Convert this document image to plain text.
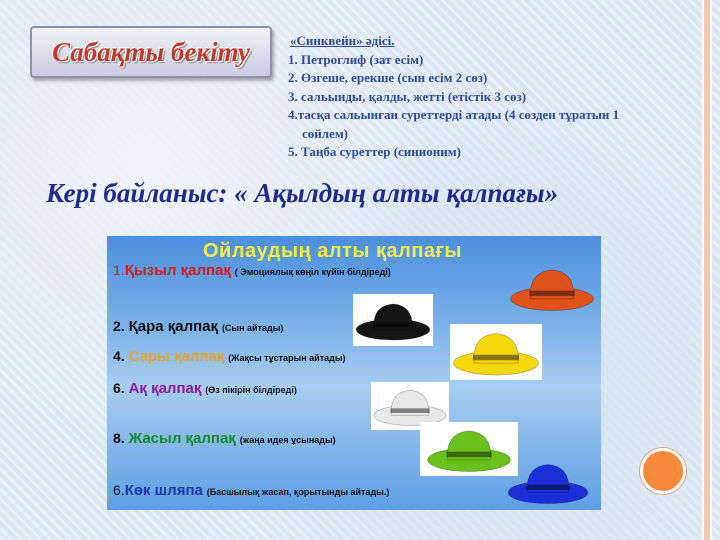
Сабақты бекіту	«Синквейн» әдісі.
1. Петроглиф (зат есім)
2. Өзгеше, ерекше (сын есім 2 сөз)
3. сальынды, қалды, жетті (етістік 3 сөз)
4.тасқа сальынған суреттерді атады (4 сөзден тұратын 1
сөйлем)
5. Таңба суреттер (синионим)
Кері байланыс: « Ақылдың алты қалпағы»
Ойлаудың алты қалпағы
1.Қызыл қалпақ ( Эмоциялық көңіл күйін білдіреді)
2. Қара қалпақ (Сын айтады)
4. Сары қалпақ (Жақсы тұстарын айтады)
6. Ақ қалпақ (Өз пікірін білдіреді)
8. Жасыл қалпақ (жаңа идея ұсынады)
6.Көк шляпа (Басшылық жасап, қорытынды айтады.)
